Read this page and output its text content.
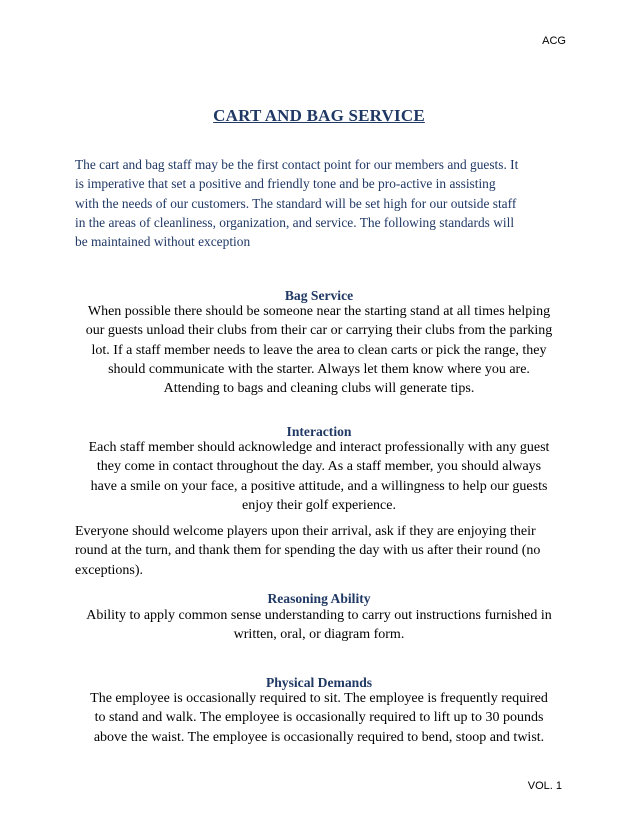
ACG
CART AND BAG SERVICE
The cart and bag staff may be the first contact point for our members and guests. It
is imperative that set a positive and friendly tone and be pro-active in assisting
with the needs of our customers. The standard will be set high for our outside staff
in the areas of cleanliness, organization, and service. The following standards will
be maintained without exception
Bag Service
When possible there should be someone near the starting stand at all times helping
our guests unload their clubs from their car or carrying their clubs from the parking
lot. If a staff member needs to leave the area to clean carts or pick the range, they
should communicate with the starter. Always let them know where you are.
Attending to bags and cleaning clubs will generate tips.
Interaction
Each staff member should acknowledge and interact professionally with any guest
they come in contact throughout the day. As a staff member, you should always
have a smile on your face, a positive attitude, and a willingness to help our guests
enjoy their golf experience.
Everyone should welcome players upon their arrival, ask if they are enjoying their
round at the turn, and thank them for spending the day with us after their round (no
exceptions).
Reasoning Ability
Ability to apply common sense understanding to carry out instructions furnished in
written, oral, or diagram form.
Physical Demands
The employee is occasionally required to sit. The employee is frequently required
to stand and walk. The employee is occasionally required to lift up to 30 pounds
above the waist. The employee is occasionally required to bend, stoop and twist.
VOL. 1
